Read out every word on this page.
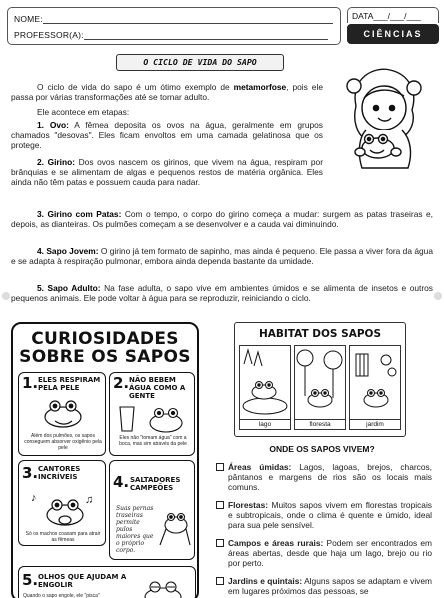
NOME:
PROFESSOR(A):
DATA___/___/___
CIÊNCIAS
O CICLO DE VIDA DO SAPO
O ciclo de vida do sapo é um ótimo exemplo de metamorfose, pois ele passa por várias transformações até se tornar adulto.
Ele acontece em etapas:
1. Ovo: A fêmea deposita os ovos na água, geralmente em grupos chamados "desovas". Eles ficam envoltos em uma camada gelatinosa que os protege.
2. Girino: Dos ovos nascem os girinos, que vivem na água, respiram por brânquias e se alimentam de algas e pequenos restos de matéria orgânica. Eles ainda não têm patas e possuem cauda para nadar.
3. Girino com Patas: Com o tempo, o corpo do girino começa a mudar: surgem as patas traseiras e, depois, as dianteiras. Os pulmões começam a se desenvolver e a cauda vai diminuindo.
4. Sapo Jovem: O girino já tem formato de sapinho, mas ainda é pequeno. Ele passa a viver fora da água e se adapta à respiração pulmonar, embora ainda dependa bastante da umidade.
5. Sapo Adulto: Na fase adulta, o sapo vive em ambientes úmidos e se alimenta de insetos e outros pequenos animais. Ele pode voltar à água para se reproduzir, reiniciando o ciclo.
CURIOSIDADES
SOBRE OS SAPOS
1. ELES RESPIRAM PELA PELE
Além dos pulmões, os sapos conseguem absorver oxigênio pela pele
2. NÃO BEBEM ÁGUA COMO A GENTE
Eles não "tomam água" com a boca, mas sim através da pele
3. CANTORES INCRÍVEIS
♪	♫
Só os machos coaxam para atrair as fêmeas
4. SALTADORES CAMPEÕES
Suas pernas traseiras permite pulos maiores que o próprio corpo.
5. OLHOS QUE AJUDAM A ENGOLIR
Quando o sapo engole, ele "pisca"
HABITAT DOS SAPOS
lago	floresta	jardim
ONDE OS SAPOS VIVEM?
Áreas úmidas: Lagos, lagoas, brejos, charcos, pântanos e margens de rios são os locais mais comuns.
Florestas: Muitos sapos vivem em florestas tropicais e subtropicais, onde o clima é quente e úmido, ideal para sua pele sensível.
Campos e áreas rurais: Podem ser encontrados em áreas abertas, desde que haja um lago, brejo ou rio por perto.
Jardins e quintais: Alguns sapos se adaptam e vivem em lugares próximos das pessoas, se
